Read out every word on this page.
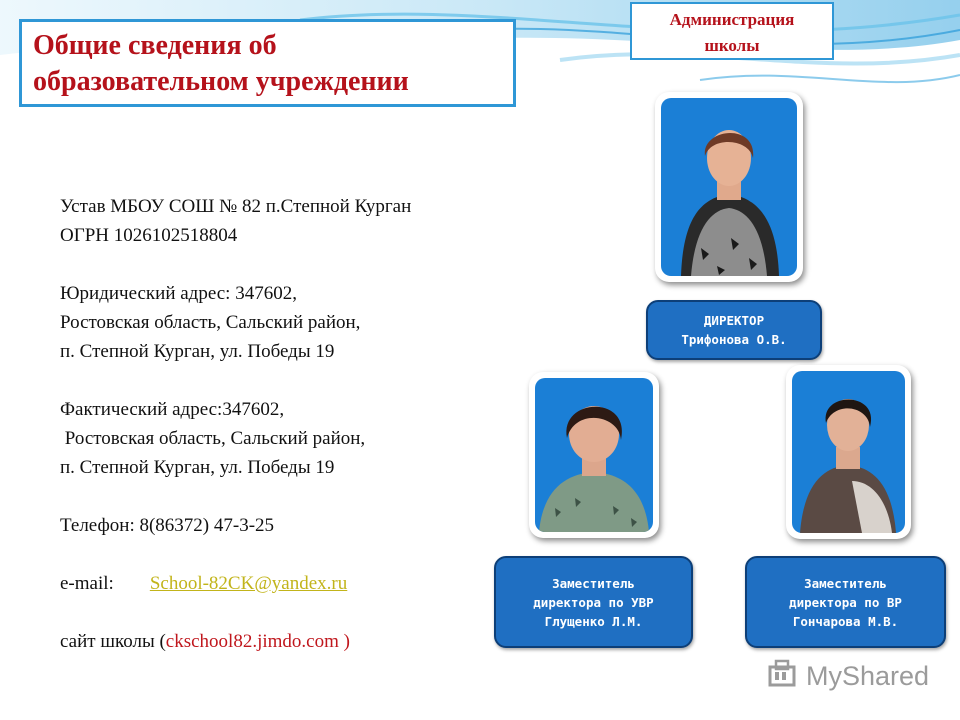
Общие сведения об
образовательном учреждении
Администрация
школы
Устав МБОУ СОШ № 82 п.Степной Курган
ОГРН 1026102518804
Юридический адрес: 347602,
Ростовская область, Сальский район,
п. Степной Курган, ул. Победы 19
Фактический адрес:347602,
Ростовская область, Сальский район,
п. Степной Курган, ул. Победы 19
Телефон: 8(86372) 47-3-25
e-mail: School-82CK@yandex.ru
сайт школы (ckschool82.jimdo.com )
ДИРЕКТОР
Трифонова О.В.
Заместитель
директора по УВР
Глущенко Л.М.
Заместитель
директора по ВР
Гончарова М.В.
MyShared
